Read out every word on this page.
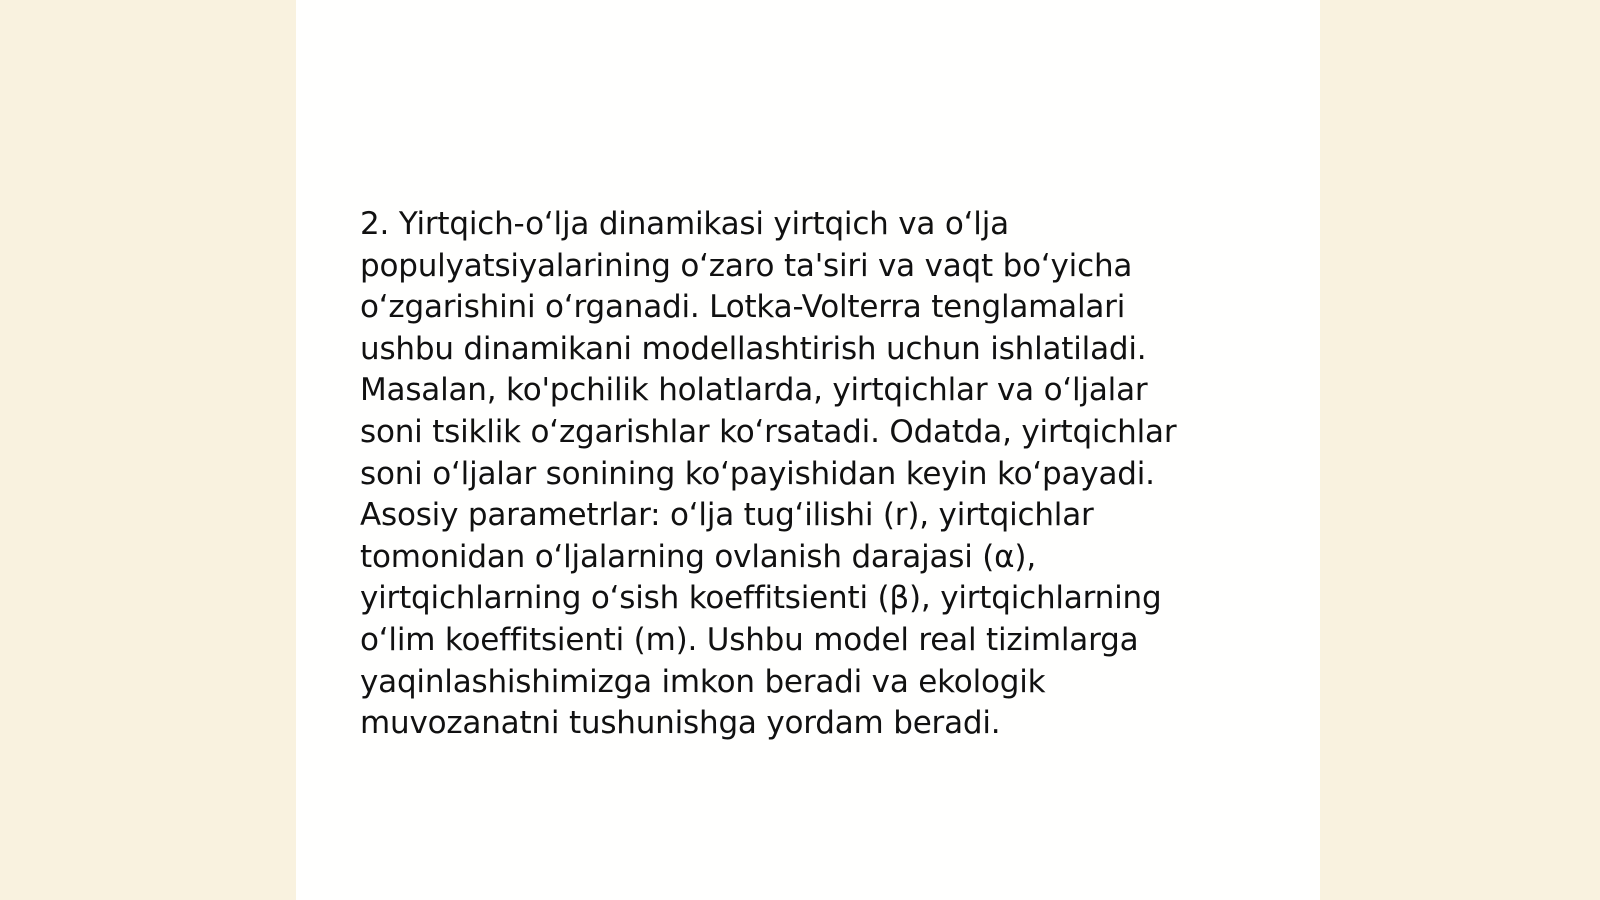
2. Yirtqich-oʻlja dinamikasi yirtqich va oʻlja
populyatsiyalarining oʻzaro ta'siri va vaqt boʻyicha
oʻzgarishini oʻrganadi. Lotka-Volterra tenglamalari
ushbu dinamikani modellashtirish uchun ishlatiladi.
Masalan, ko'pchilik holatlarda, yirtqichlar va oʻljalar
soni tsiklik oʻzgarishlar koʻrsatadi. Odatda, yirtqichlar
soni oʻljalar sonining koʻpayishidan keyin koʻpayadi.
Asosiy parametrlar: oʻlja tugʻilishi (r), yirtqichlar
tomonidan oʻljalarning ovlanish darajasi (α),
yirtqichlarning oʻsish koeffitsienti (β), yirtqichlarning
oʻlim koeffitsienti (m). Ushbu model real tizimlarga
yaqinlashishimizga imkon beradi va ekologik
muvozanatni tushunishga yordam beradi.
